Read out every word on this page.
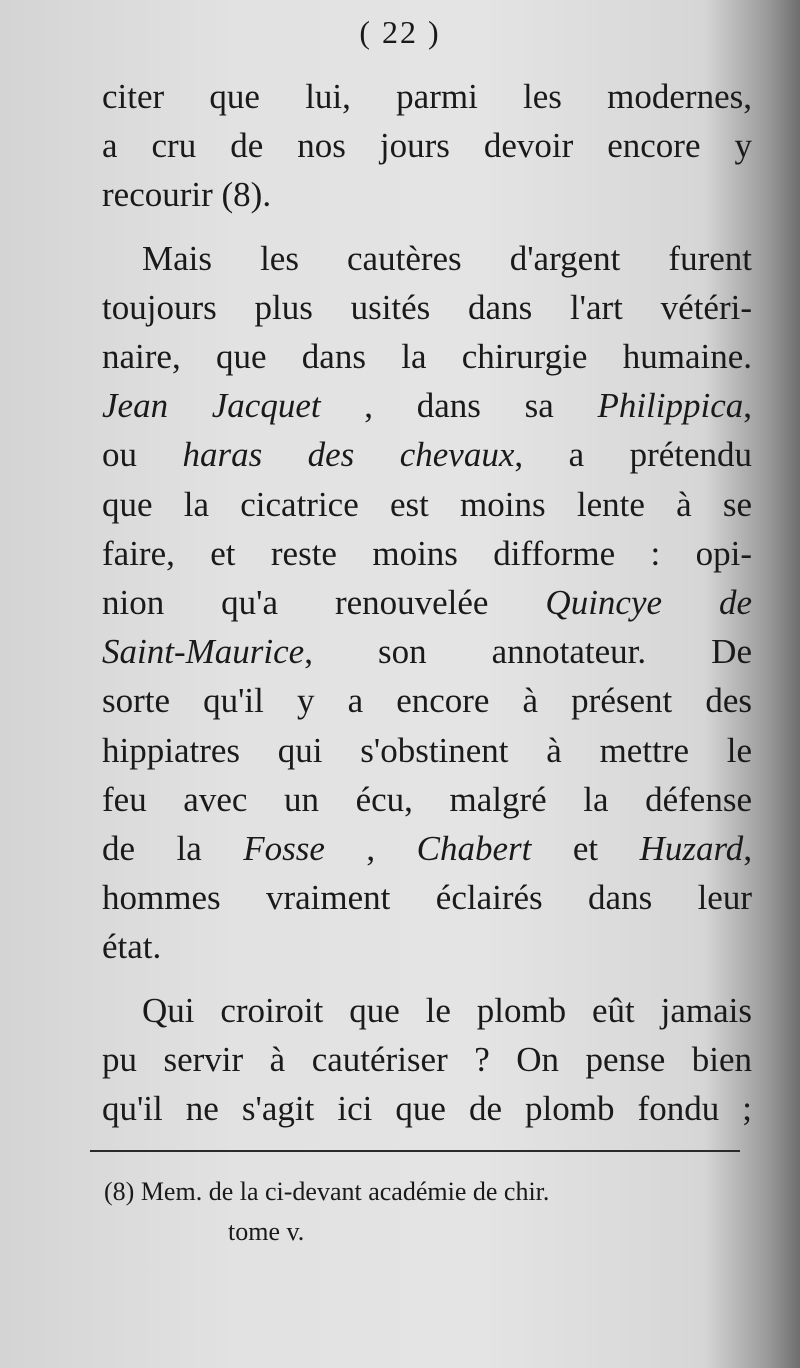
( 22 )
citer que lui, parmi les modernes,
a cru de nos jours devoir encore y
recourir (8).
Mais les cautères d'argent furent
toujours plus usités dans l'art vétéri-
naire, que dans la chirurgie humaine.
Jean Jacquet , dans sa Philippica,
ou haras des chevaux, a prétendu
que la cicatrice est moins lente à se
faire, et reste moins difforme : opi-
nion qu'a renouvelée Quincye de
Saint-Maurice, son annotateur. De
sorte qu'il y a encore à présent des
hippiatres qui s'obstinent à mettre le
feu avec un écu, malgré la défense
de la Fosse , Chabert et Huzard,
hommes vraiment éclairés dans leur
état.
Qui croiroit que le plomb eût jamais
pu servir à cautériser ? On pense bien
qu'il ne s'agit ici que de plomb fondu ;
(8) Mem. de la ci-devant académie de chir.
tome v.
